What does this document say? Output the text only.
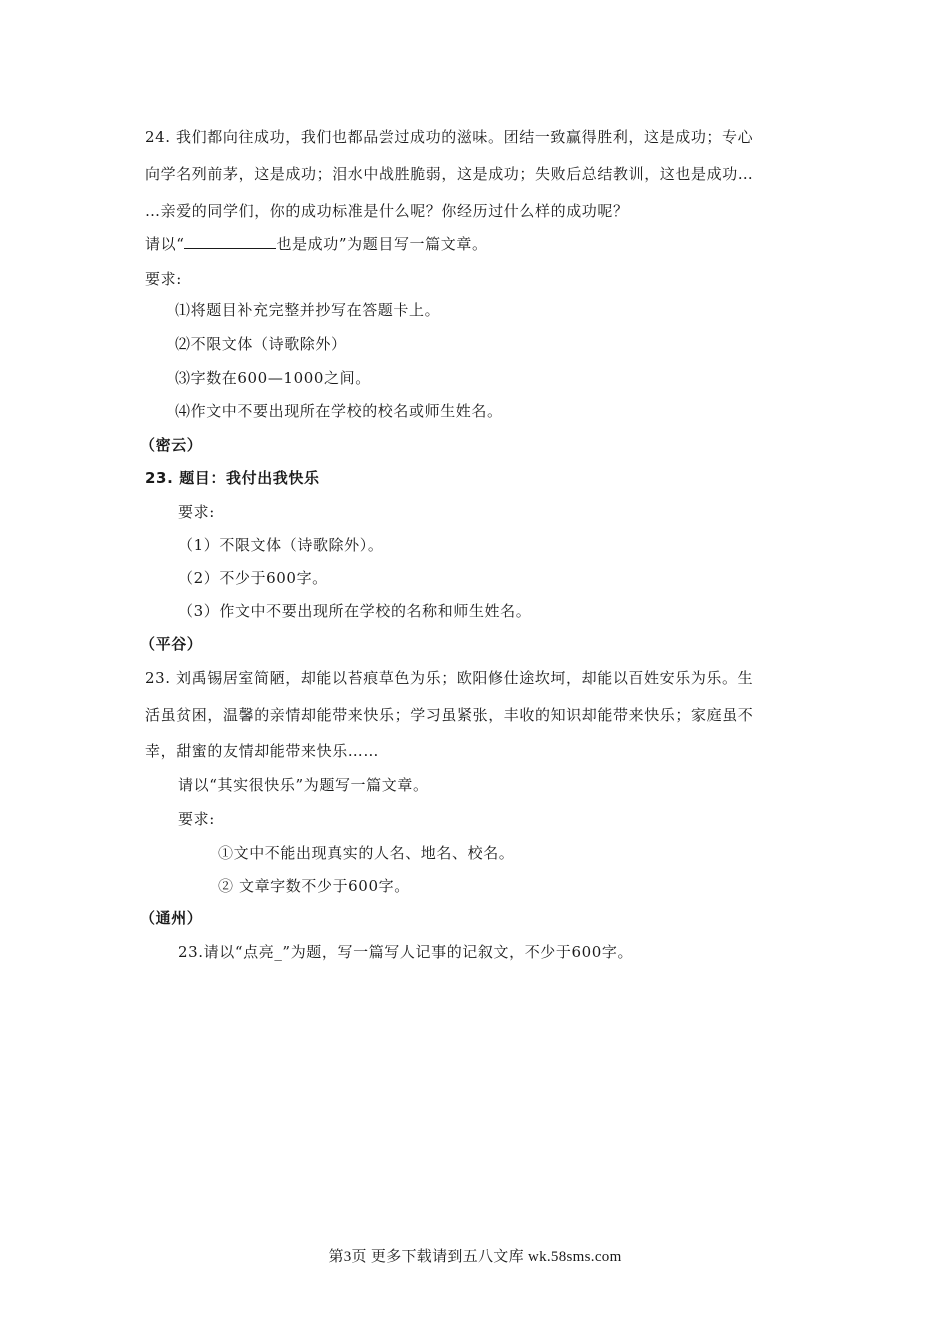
24. 我们都向往成功，我们也都品尝过成功的滋味。团结一致赢得胜利，这是成功；专心
向学名列前茅，这是成功；泪水中战胜脆弱，这是成功；失败后总结教训，这也是成功…
…亲爱的同学们，你的成功标准是什么呢？你经历过什么样的成功呢？
请以“	也是成功”为题目写一篇文章。
要求:
⑴将题目补充完整并抄写在答题卡上。
⑵不限文体（诗歌除外）
⑶字数在600—1000之间。
⑷作文中不要出现所在学校的校名或师生姓名。
（密云）
23. 题目：我付出我快乐
要求:
（1）不限文体（诗歌除外）。
（2）不少于600字。
（3）作文中不要出现所在学校的名称和师生姓名。
（平谷）
23. 刘禹锡居室简陋，却能以苔痕草色为乐；欧阳修仕途坎坷，却能以百姓安乐为乐。生
活虽贫困，温馨的亲情却能带来快乐；学习虽紧张，丰收的知识却能带来快乐；家庭虽不
幸，甜蜜的友情却能带来快乐……
请以“其实很快乐”为题写一篇文章。
要求:
①文中不能出现真实的人名、地名、校名。
② 文章字数不少于600字。
（通州）
23.请以“点亮_”为题，写一篇写人记事的记叙文，不少于600字。
第3页 更多下载请到五八文库 wk.58sms.com
